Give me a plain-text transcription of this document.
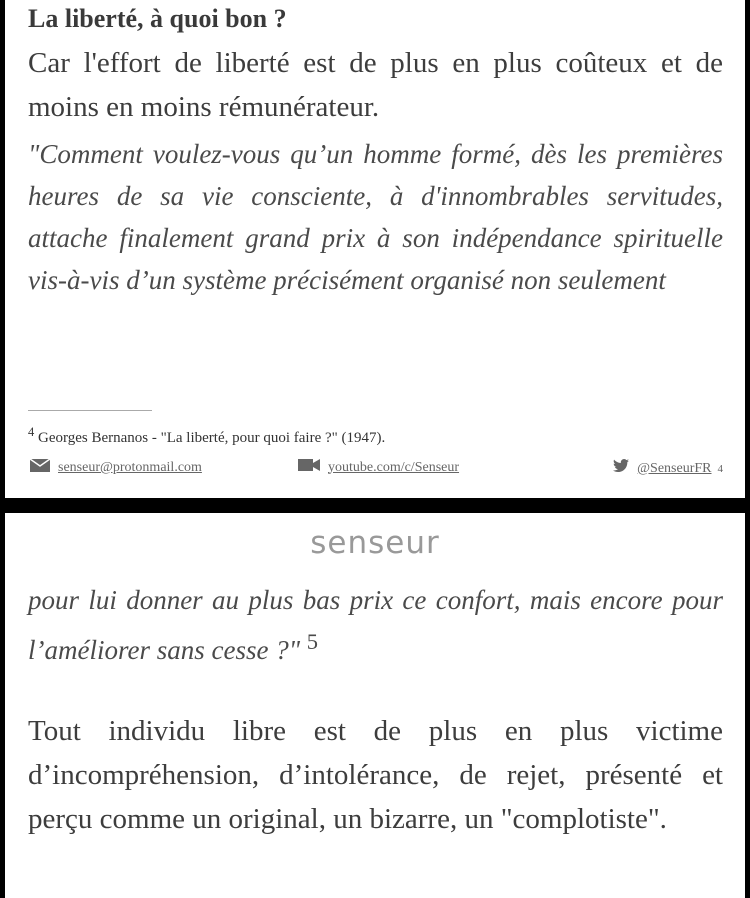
La liberté, à quoi bon ?

Car l'effort de liberté est de plus en plus coûteux et de moins en moins rémunérateur.

"Comment voulez-vous qu’un homme formé, dès les premières heures de sa vie consciente, à d'innombrables servitudes, attache finalement grand prix à son indépendance spirituelle vis-à-vis d’un système précisément organisé non seulement

$^4$ Georges Bernanos - "La liberté, pour quoi faire ?" (1947).

senseur@protonmail.com	youtube.com/c/Senseur	@SenseurFR 4
senseur

pour lui donner au plus bas prix ce confort, mais encore pour l’améliorer sans cesse ?" $^5$

Tout individu libre est de plus en plus victime d’incompréhension, d’intolérance, de rejet, présenté et perçu comme un original, un bizarre, un "complotiste".
